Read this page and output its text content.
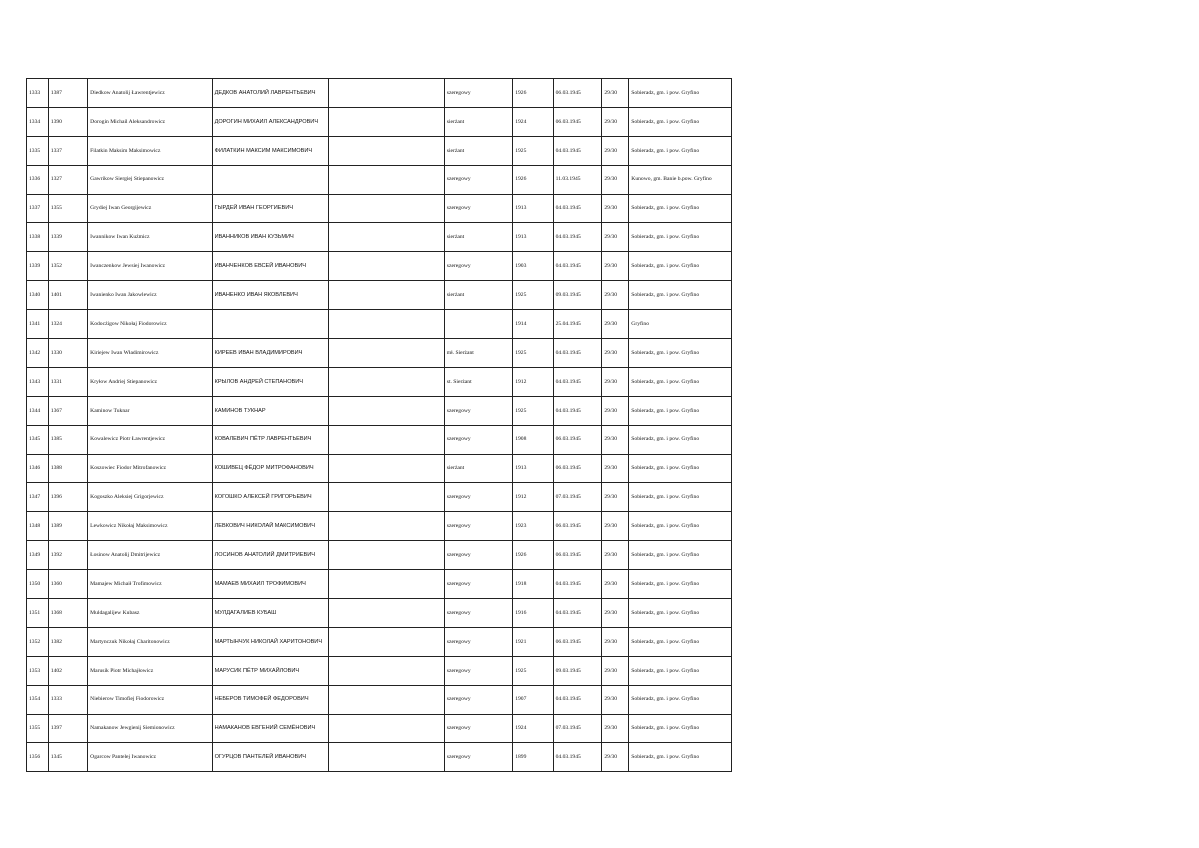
1333	1387	Diedkow Anatolij Ławrentjewicz	ДЕДКОВ АНАТОЛИЙ ЛАВРЕНТЬЕВИЧ		szeregowy	1926	06.03.1945	29/30	Sobieradz, gm. i pow. Gryfino
1334	1390	Dorogin Michail Aleksandrowicz	ДОРОГИН МИХАИЛ АЛЕКСАНДРОВИЧ		sierżant	1924	06.03.1945	29/30	Sobieradz, gm. i pow. Gryfino
1335	1337	Filatkin Maksim Maksimowicz	ФИЛАТКИН МАКСИМ МАКСИМОВИЧ		sierżant	1925	04.03.1945	29/30	Sobieradz, gm. i pow. Gryfino
1336	1327	Gawrikow Siergiej Stiepanowicz			szeregowy	1926	11.03.1945	29/30	Kunowo, gm. Banie b.pow. Gryfino
1337	1355	Grydiej Iwan Georgijewicz	ГЫРДЕЙ ИВАН ГЕОРГИЕВИЧ		szeregowy	1913	04.03.1945	29/30	Sobieradz, gm. i pow. Gryfino
1338	1339	Iwannikow Iwan Kuźmicz	ИВАННИКОВ ИВАН КУЗЬМИЧ		sierżant	1913	04.03.1945	29/30	Sobieradz, gm. i pow. Gryfino
1339	1352	Iwanczenkow Jewsiej Iwanowicz	ИВАНЧЕНКОВ ЕВСЕЙ ИВАНОВИЧ		szeregowy	1903	04.03.1945	29/30	Sobieradz, gm. i pow. Gryfino
1340	1401	Iwanienko Iwan Jakowlewicz	ИВАНЕНКО ИВАН ЯКОВЛЕВИЧ		sierżant	1925	09.03.1945	29/30	Sobieradz, gm. i pow. Gryfino
1341	1324	Kodocżigow Nikołaj Fiodorowicz				1914	25.04.1945	29/30	Gryfino
1342	1330	Kiriejew Iwan Władimirowicz	КИРЕЕВ ИВАН ВЛАДИМИРОВИЧ		mł. Sierżant	1925	04.03.1945	29/30	Sobieradz, gm. i pow. Gryfino
1343	1331	Kryłow Andriej Stiepanowicz	КРЫЛОВ АНДРЕЙ СТЕПАНОВИЧ		st. Sierżant	1912	04.03.1945	29/30	Sobieradz, gm. i pow. Gryfino
1344	1367	Kaminow Tuknar	КАМИНОВ ТУКНАР		szeregowy	1925	04.03.1945	29/30	Sobieradz, gm. i pow. Gryfino
1345	1385	Kowalewicz Piotr Ławrentjewicz	КОВАЛЕВИЧ ПЁТР ЛАВРЕНТЬЕВИЧ		szeregowy	1908	06.03.1945	29/30	Sobieradz, gm. i pow. Gryfino
1346	1388	Koszowiec Fiodor Mitrofanowicz	КОШИВЕЦ ФЁДОР МИТРОФАНОВИЧ		sierżant	1913	06.03.1945	29/30	Sobieradz, gm. i pow. Gryfino
1347	1396	Kogoszko Aleksiej Grigorjewicz	КОГОШКО АЛЕКСЕЙ ГРИГОРЬЕВИЧ		szeregowy	1912	07.03.1945	29/30	Sobieradz, gm. i pow. Gryfino
1348	1389	Lewkowicz Nikołaj Maksimowicz	ЛЕВКОВИЧ НИКОЛАЙ МАКСИМОВИЧ		szeregowy	1923	06.03.1945	29/30	Sobieradz, gm. i pow. Gryfino
1349	1392	Łosinow Anatolij Dmitrijewicz	ЛОСИНОВ АНАТОЛИЙ ДМИТРИЕВИЧ		szeregowy	1926	06.03.1945	29/30	Sobieradz, gm. i pow. Gryfino
1350	1360	Mamajew Michaił Trofimowicz	МАМАЕВ МИХАИЛ ТРОФИМОВИЧ		szeregowy	1918	04.03.1945	29/30	Sobieradz, gm. i pow. Gryfino
1351	1368	Muldagalijew Kubasz	МУЛДАГАЛИЕВ КУБАШ		szeregowy	1916	04.03.1945	29/30	Sobieradz, gm. i pow. Gryfino
1352	1382	Martynczuk Nikołaj Charitonowicz	МАРТЫНЧУК НИКОЛАЙ ХАРИТОНОВИЧ		szeregowy	1921	06.03.1945	29/30	Sobieradz, gm. i pow. Gryfino
1353	1402	Marusik Piotr Michajłowicz	МАРУСИК ПЁТР МИХАЙЛОВИЧ		szeregowy	1925	09.03.1945	29/30	Sobieradz, gm. i pow. Gryfino
1354	1333	Niebierow Timofiej Fiodorowicz	НЕБЕРОВ ТИМОФЕЙ ФЕДОРОВИЧ		szeregowy	1907	04.03.1945	29/30	Sobieradz, gm. i pow. Gryfino
1355	1397	Namakanow Jewgienij Siemionowicz	НАМАКАНОВ ЕВГЕНИЙ СЕМЁНОВИЧ		szeregowy	1924	07.03.1945	29/30	Sobieradz, gm. i pow. Gryfino
1356	1345	Ogarcow Pantelej Iwanowicz	ОГУРЦОВ ПАНТЕЛЕЙ ИВАНОВИЧ		szeregowy	1899	04.03.1945	29/30	Sobieradz, gm. i pow. Gryfino
